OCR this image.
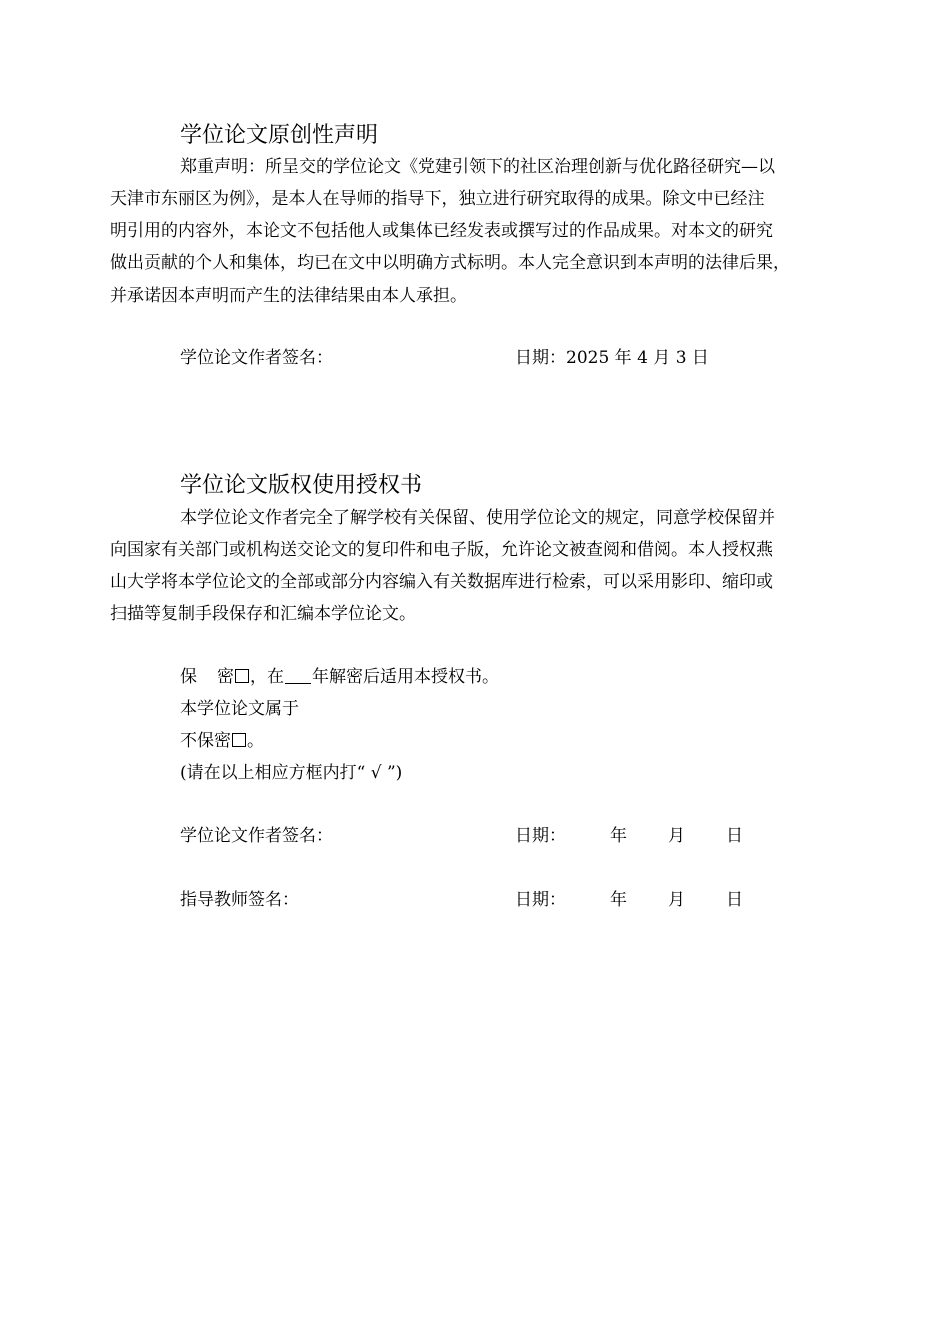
学位论文原创性声明
郑重声明：所呈交的学位论文《党建引领下的社区治理创新与优化路径研究—以
天津市东丽区为例》，是本人在导师的指导下，独立进行研究取得的成果。除文中已经注
明引用的内容外，本论文不包括他人或集体已经发表或撰写过的作品成果。对本文的研究
做出贡献的个人和集体，均已在文中以明确方式标明。本人完全意识到本声明的法律后果，
并承诺因本声明而产生的法律结果由本人承担。
学位论文作者签名：	日期：2025 年 4 月 3 日
学位论文版权使用授权书
本学位论文作者完全了解学校有关保留、使用学位论文的规定，同意学校保留并
向国家有关部门或机构送交论文的复印件和电子版，允许论文被查阅和借阅。本人授权燕
山大学将本学位论文的全部或部分内容编入有关数据库进行检索，可以采用影印、缩印或
扫描等复制手段保存和汇编本学位论文。
保 密 ，在 年解密后适用本授权书。
本学位论文属于
不保密 。
(请在以上相应方框内打“ √ ”)
学位论文作者签名：	日期：	年 月 日
指导教师签名：	日期：	年 月 日
